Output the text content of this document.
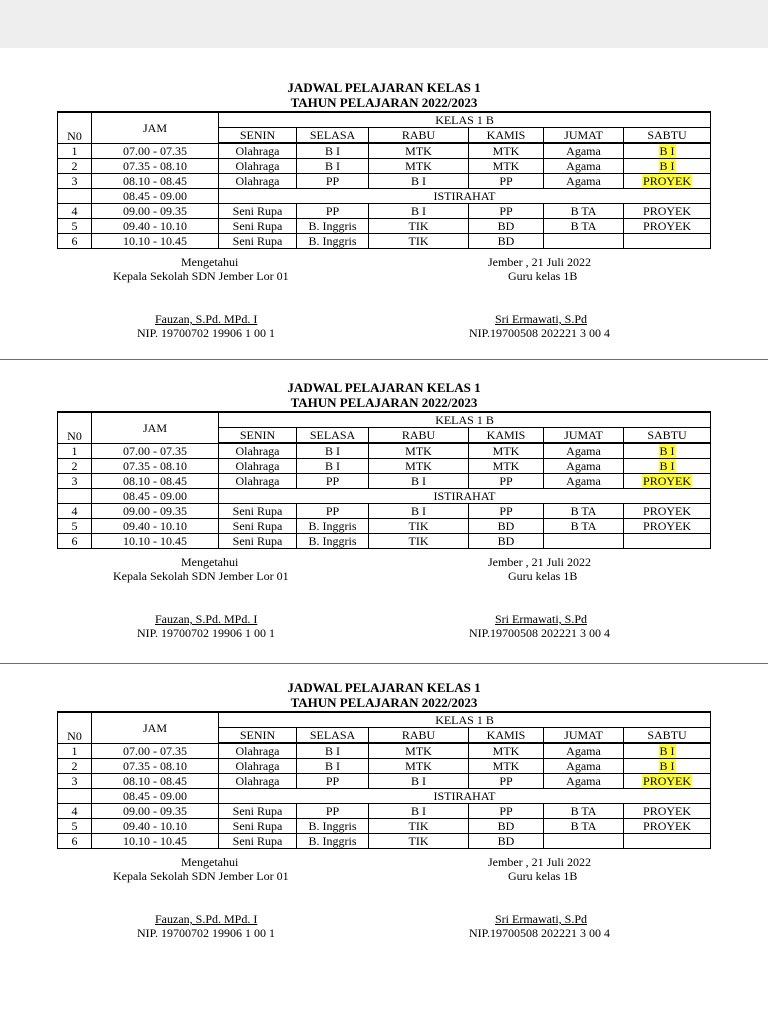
JADWAL PELAJARAN KELAS 1
TAHUN PELAJARAN 2022/2023
N0	JAM	KELAS 1 B					
		SENIN	SELASA	RABU	KAMIS	JUMAT	SABTU
1	07.00 - 07.35	Olahraga	B I	MTK	MTK	Agama	B I
2	07.35 - 08.10	Olahraga	B I	MTK	MTK	Agama	B I
3	08.10 - 08.45	Olahraga	PP	B I	PP	Agama	PROYEK
	08.45 - 09.00	ISTIRAHAT					
4	09.00 - 09.35	Seni Rupa	PP	B I	PP	B TA	PROYEK
5	09.40 - 10.10	Seni Rupa	B. Inggris	TIK	BD	B TA	PROYEK
6	10.10 - 10.45	Seni Rupa	B. Inggris	TIK	BD		
Mengetahui
Kepala Sekolah SDN Jember Lor 01
Fauzan, S.Pd. MPd. I
NIP. 19700702 19906 1 00 1
Jember , 21 Juli 2022
Guru kelas 1B
Sri Ermawati, S.Pd
NIP.19700508 202221 3 00 4
JADWAL PELAJARAN KELAS 1
TAHUN PELAJARAN 2022/2023
N0	JAM	KELAS 1 B					
		SENIN	SELASA	RABU	KAMIS	JUMAT	SABTU
1	07.00 - 07.35	Olahraga	B I	MTK	MTK	Agama	B I
2	07.35 - 08.10	Olahraga	B I	MTK	MTK	Agama	B I
3	08.10 - 08.45	Olahraga	PP	B I	PP	Agama	PROYEK
	08.45 - 09.00	ISTIRAHAT					
4	09.00 - 09.35	Seni Rupa	PP	B I	PP	B TA	PROYEK
5	09.40 - 10.10	Seni Rupa	B. Inggris	TIK	BD	B TA	PROYEK
6	10.10 - 10.45	Seni Rupa	B. Inggris	TIK	BD		
Mengetahui
Kepala Sekolah SDN Jember Lor 01
Fauzan, S.Pd. MPd. I
NIP. 19700702 19906 1 00 1
Jember , 21 Juli 2022
Guru kelas 1B
Sri Ermawati, S.Pd
NIP.19700508 202221 3 00 4
JADWAL PELAJARAN KELAS 1
TAHUN PELAJARAN 2022/2023
N0	JAM	KELAS 1 B					
		SENIN	SELASA	RABU	KAMIS	JUMAT	SABTU
1	07.00 - 07.35	Olahraga	B I	MTK	MTK	Agama	B I
2	07.35 - 08.10	Olahraga	B I	MTK	MTK	Agama	B I
3	08.10 - 08.45	Olahraga	PP	B I	PP	Agama	PROYEK
	08.45 - 09.00	ISTIRAHAT					
4	09.00 - 09.35	Seni Rupa	PP	B I	PP	B TA	PROYEK
5	09.40 - 10.10	Seni Rupa	B. Inggris	TIK	BD	B TA	PROYEK
6	10.10 - 10.45	Seni Rupa	B. Inggris	TIK	BD		
Mengetahui
Kepala Sekolah SDN Jember Lor 01
Fauzan, S.Pd. MPd. I
NIP. 19700702 19906 1 00 1
Jember , 21 Juli 2022
Guru kelas 1B
Sri Ermawati, S.Pd
NIP.19700508 202221 3 00 4
